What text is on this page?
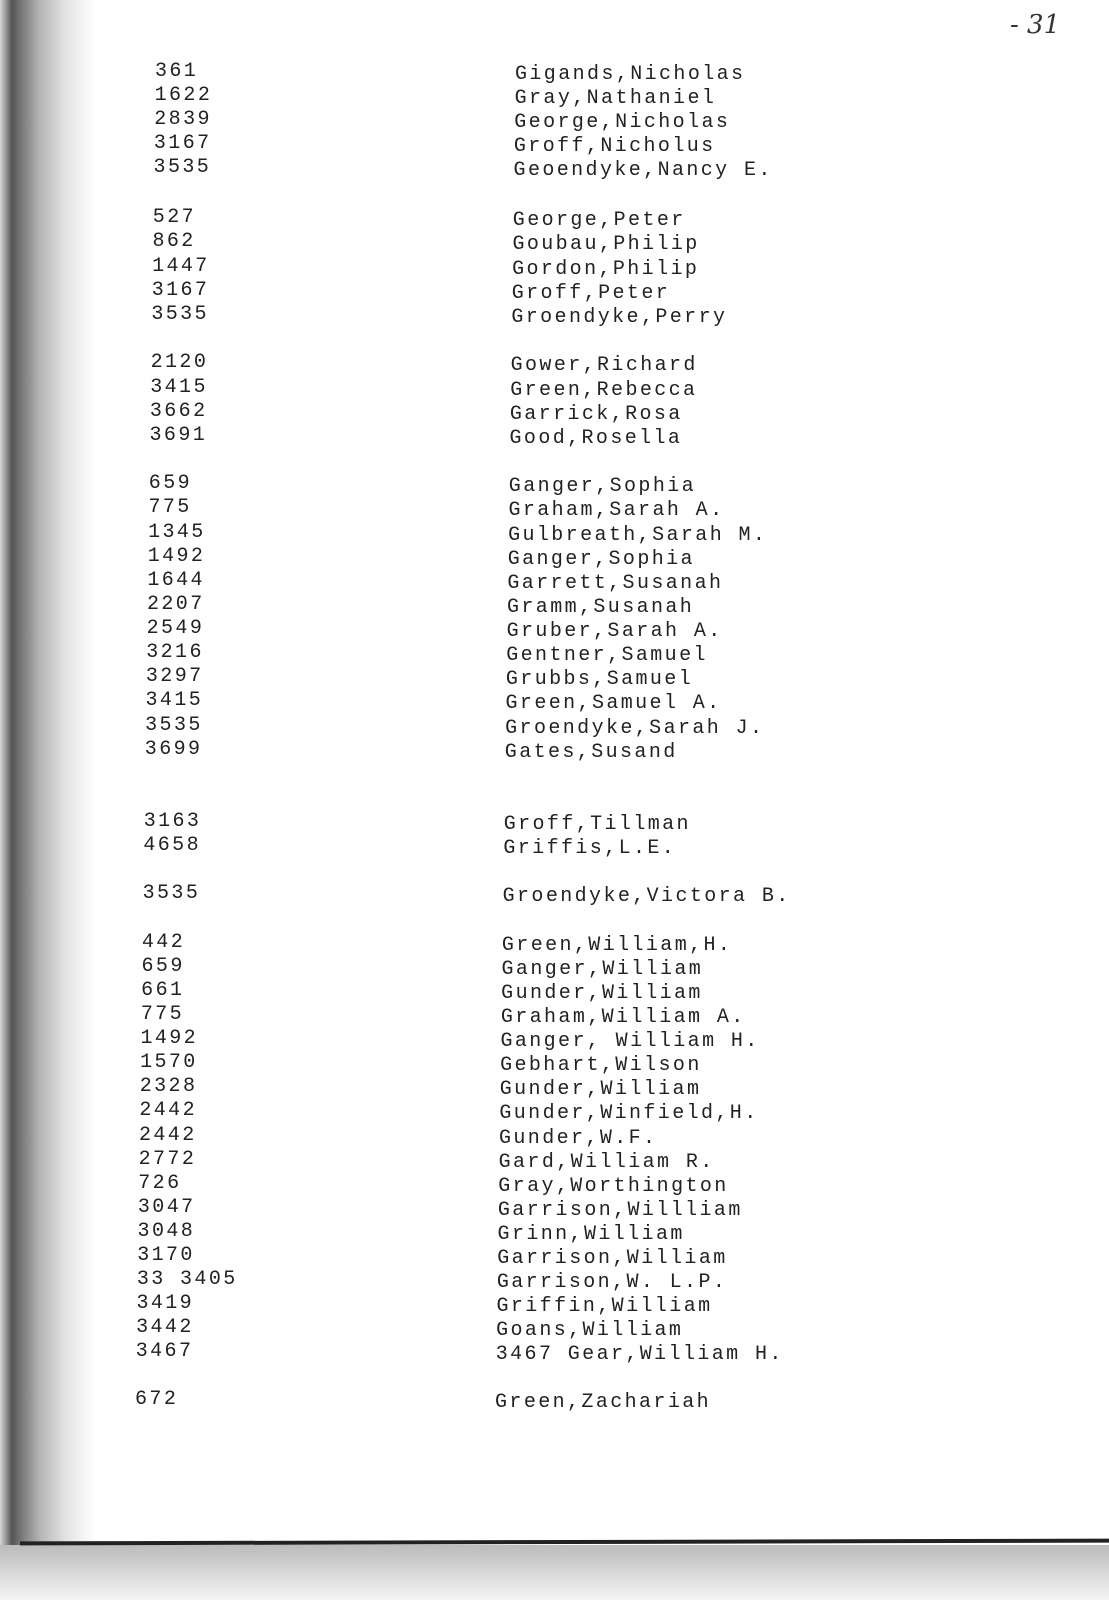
- 31
361	Gigands,Nicholas
1622	Gray,Nathaniel
2839	George,Nicholas
3167	Groff,Nicholus
3535	Geoendyke,Nancy E.
527	George,Peter
862	Goubau,Philip
1447	Gordon,Philip
3167	Groff,Peter
3535	Groendyke,Perry
2120	Gower,Richard
3415	Green,Rebecca
3662	Garrick,Rosa
3691	Good,Rosella
659	Ganger,Sophia
775	Graham,Sarah A.
1345	Gulbreath,Sarah M.
1492	Ganger,Sophia
1644	Garrett,Susanah
2207	Gramm,Susanah
2549	Gruber,Sarah A.
3216	Gentner,Samuel
3297	Grubbs,Samuel
3415	Green,Samuel A.
3535	Groendyke,Sarah J.
3699	Gates,Susand
3163	Groff,Tillman
4658	Griffis,L.E.
3535	Groendyke,Victora B.
442	Green,William,H.
659	Ganger,William
661	Gunder,William
775	Graham,William A.
1492	Ganger, William H.
1570	Gebhart,Wilson
2328	Gunder,William
2442	Gunder,Winfield,H.
2442	Gunder,W.F.
2772	Gard,William R.
726	Gray,Worthington
3047	Garrison,Willliam
3048	Grinn,William
3170	Garrison,William
33 3405	Garrison,W. L.P.
3419	Griffin,William
3442	Goans,William
3467	3467 Gear,William H.
672	Green,Zachariah
